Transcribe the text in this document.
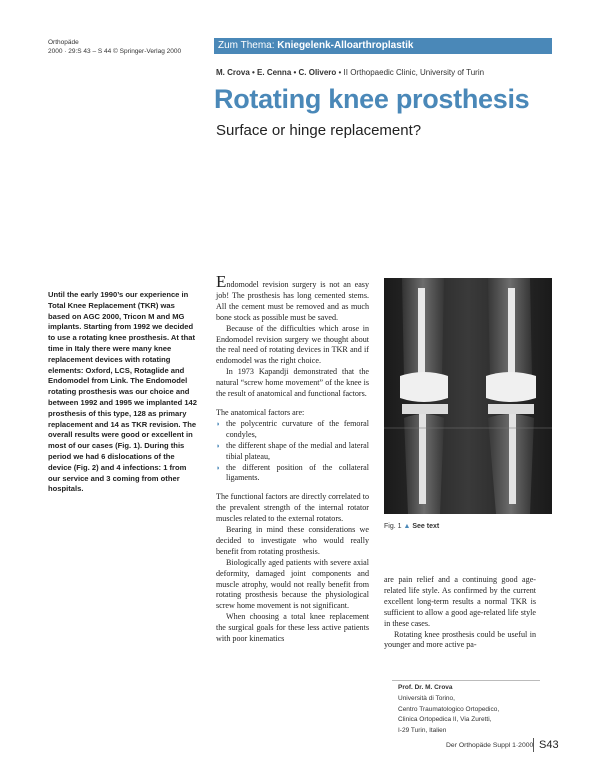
Orthopäde
2000 · 29:S 43 – S 44 © Springer-Verlag 2000
Zum Thema: Kniegelenk-Alloarthroplastik
M. Crova • E. Cenna • C. Olivero • II Orthopaedic Clinic, University of Turin
Rotating knee prosthesis
Surface or hinge replacement?
Until the early 1990’s our experience in Total Knee Replacement (TKR) was based on AGC 2000, Tricon M and MG implants. Starting from 1992 we decided to use a rotating knee prosthesis. At that time in Italy there were many knee replacement devices with rotating elements: Oxford, LCS, Rotaglide and Endomodel from Link. The Endomodel rotating prosthesis was our choice and between 1992 and 1995 we implanted 142 prosthesis of this type, 128 as primary replacement and 14 as TKR revision. The overall results were good or excellent in most of our cases (Fig. 1). During this period we had 6 dislocations of the device (Fig. 2) and 4 infections: 1 from our service and 3 coming from other hospitals.

Endomodel revision surgery is not an easy job! The prosthesis has long cemented stems. All the cement must be removed and as much bone stock as possible must be saved.

Because of the difficulties which arose in Endomodel revision surgery we thought about the real need of rotating devices in TKR and if endomodel was the right choice.

In 1973 Kapandji demonstrated that the natural “screw home movement” of the knee is the result of anatomical and functional factors.

The anatomical factors are:

◗ the polycentric curvature of the femoral condyles,
◗ the different shape of the medial and lateral tibial plateau,
◗ the different position of the collateral ligaments.

The functional factors are directly correlated to the prevalent strength of the internal rotator muscles related to the external rotators.

Bearing in mind these considerations we decided to investigate who would really benefit from rotating prosthesis.

Biologically aged patients with severe axial deformity, damaged joint components and muscle atrophy, would not really benefit from rotating prosthesis because the physiological screw home movement is not significant.

When choosing a total knee replacement the surgical goals for these less active patients with poor kinematics

Fig. 1 ▲ See text

are pain relief and a continuing good age-related life style. As confirmed by the current excellent long-term results a normal TKR is sufficient to allow a good age-related life style in these cases.

Rotating knee prosthesis could be useful in younger and more active pa-

Prof. Dr. M. Crova
Università di Torino,
Centro Traumatologico Ortopedico,
Clinica Ortopedica II, Via Zuretti,
I-29 Turin, Italien
Der Orthopäde Suppl 1·2000 S43
